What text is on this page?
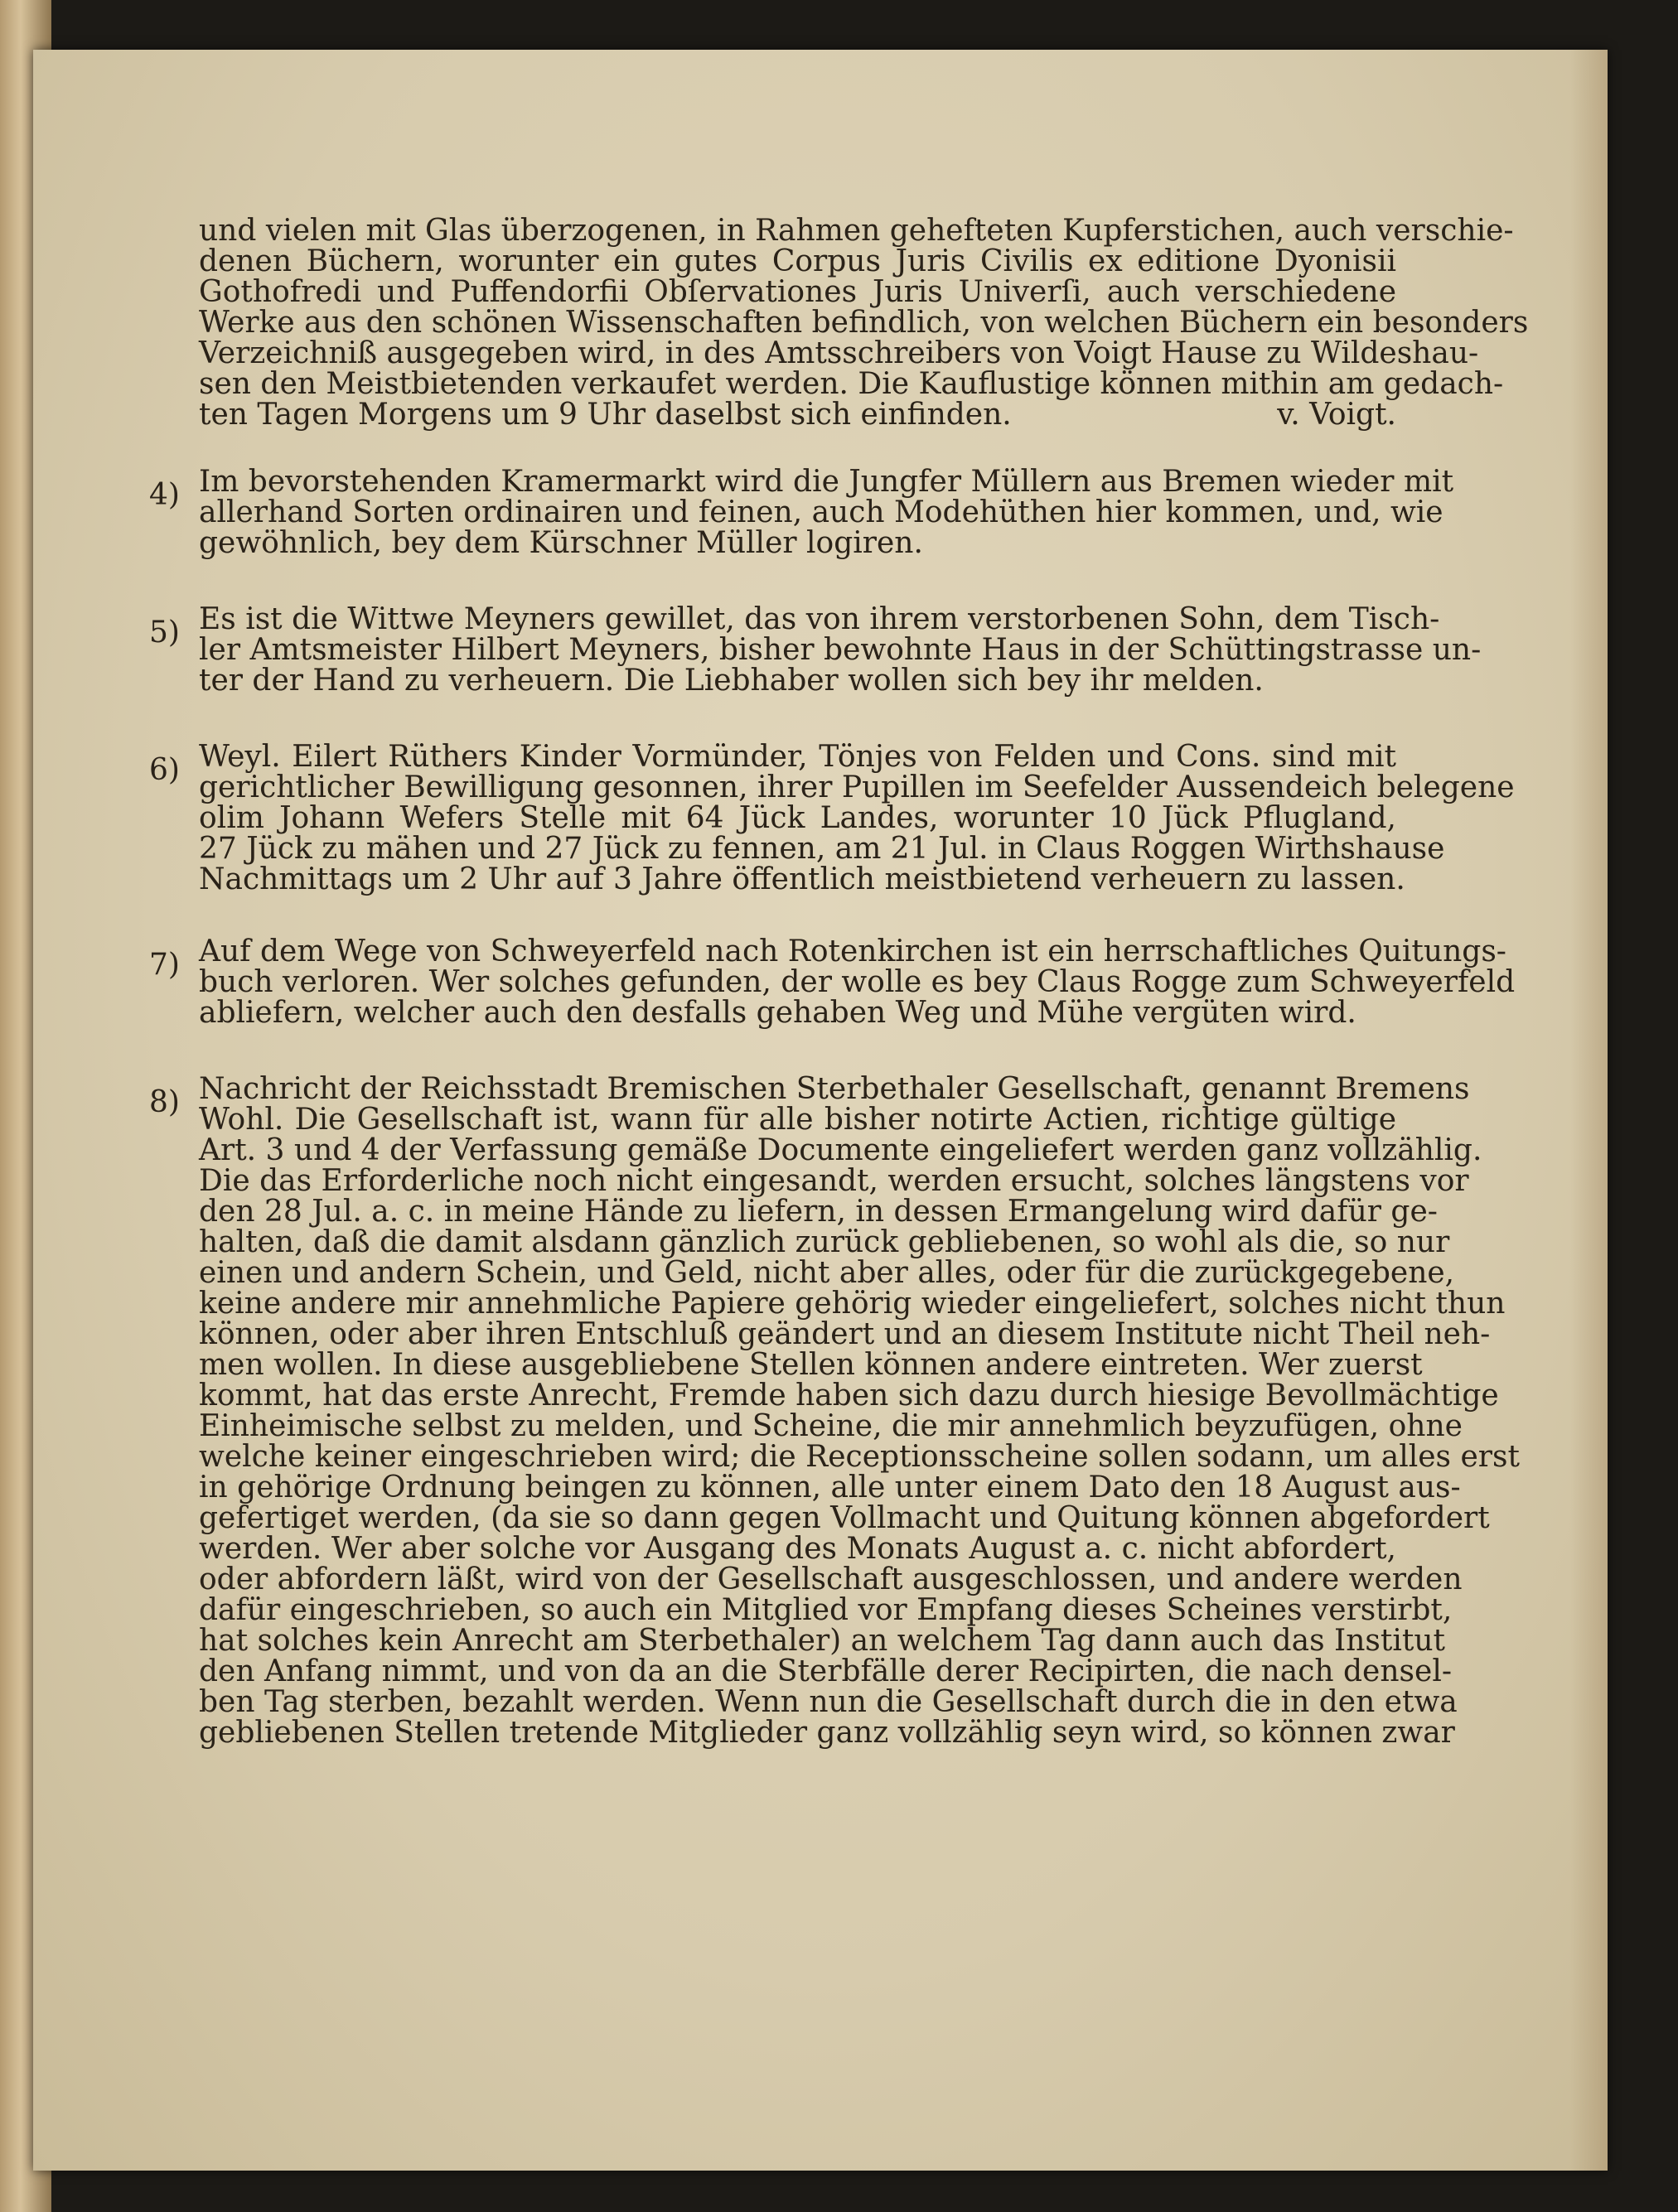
und vielen mit Glas überzogenen, in Rahmen gehefteten Kupferstichen, auch verschie-
denen Büchern, worunter ein gutes Corpus Juris Civilis ex editione Dyonisii
Gothofredi und Puffendorfii Obſervationes Juris Univerſi, auch verschiedene
Werke aus den schönen Wissenschaften befindlich, von welchen Büchern ein besonders
Verzeichniß ausgegeben wird, in des Amtsschreibers von Voigt Hause zu Wildeshau-
sen den Meistbietenden verkaufet werden. Die Kauflustige können mithin am gedach-
ten Tagen Morgens um 9 Uhr daselbst sich einfinden.	v. Voigt.
4) Im bevorstehenden Kramermarkt wird die Jungfer Müllern aus Bremen wieder mit
allerhand Sorten ordinairen und feinen, auch Modehüthen hier kommen, und, wie
gewöhnlich, bey dem Kürschner Müller logiren.
5) Es ist die Wittwe Meyners gewillet, das von ihrem verstorbenen Sohn, dem Tisch-
ler Amtsmeister Hilbert Meyners, bisher bewohnte Haus in der Schüttingstrasse un-
ter der Hand zu verheuern. Die Liebhaber wollen sich bey ihr melden.
6) Weyl. Eilert Rüthers Kinder Vormünder, Tönjes von Felden und Cons. sind mit
gerichtlicher Bewilligung gesonnen, ihrer Pupillen im Seefelder Aussendeich belegene
olim Johann Wefers Stelle mit 64 Jück Landes, worunter 10 Jück Pflugland,
27 Jück zu mähen und 27 Jück zu fennen, am 21 Jul. in Claus Roggen Wirthshause
Nachmittags um 2 Uhr auf 3 Jahre öffentlich meistbietend verheuern zu lassen.
7) Auf dem Wege von Schweyerfeld nach Rotenkirchen ist ein herrschaftliches Quitungs-
buch verloren. Wer solches gefunden, der wolle es bey Claus Rogge zum Schweyerfeld
abliefern, welcher auch den desfalls gehaben Weg und Mühe vergüten wird.
8) Nachricht der Reichsstadt Bremischen Sterbethaler Gesellschaft, genannt Bremens
Wohl. Die Gesellschaft ist, wann für alle bisher notirte Actien, richtige gültige
Art. 3 und 4 der Verfassung gemäße Documente eingeliefert werden ganz vollzählig.
Die das Erforderliche noch nicht eingesandt, werden ersucht, solches längstens vor
den 28 Jul. a. c. in meine Hände zu liefern, in dessen Ermangelung wird dafür ge-
halten, daß die damit alsdann gänzlich zurück gebliebenen, so wohl als die, so nur
einen und andern Schein, und Geld, nicht aber alles, oder für die zurückgegebene,
keine andere mir annehmliche Papiere gehörig wieder eingeliefert, solches nicht thun
können, oder aber ihren Entschluß geändert und an diesem Institute nicht Theil neh-
men wollen. In diese ausgebliebene Stellen können andere eintreten. Wer zuerst
kommt, hat das erste Anrecht, Fremde haben sich dazu durch hiesige Bevollmächtige
Einheimische selbst zu melden, und Scheine, die mir annehmlich beyzufügen, ohne
welche keiner eingeschrieben wird; die Receptionsscheine sollen sodann, um alles erst
in gehörige Ordnung beingen zu können, alle unter einem Dato den 18 August aus-
gefertiget werden, (da sie so dann gegen Vollmacht und Quitung können abgefordert
werden. Wer aber solche vor Ausgang des Monats August a. c. nicht abfordert,
oder abfordern läßt, wird von der Gesellschaft ausgeschlossen, und andere werden
dafür eingeschrieben, so auch ein Mitglied vor Empfang dieses Scheines verstirbt,
hat solches kein Anrecht am Sterbethaler) an welchem Tag dann auch das Institut
den Anfang nimmt, und von da an die Sterbfälle derer Recipirten, die nach densel-
ben Tag sterben, bezahlt werden. Wenn nun die Gesellschaft durch die in den etwa
gebliebenen Stellen tretende Mitglieder ganz vollzählig seyn wird, so können zwar
